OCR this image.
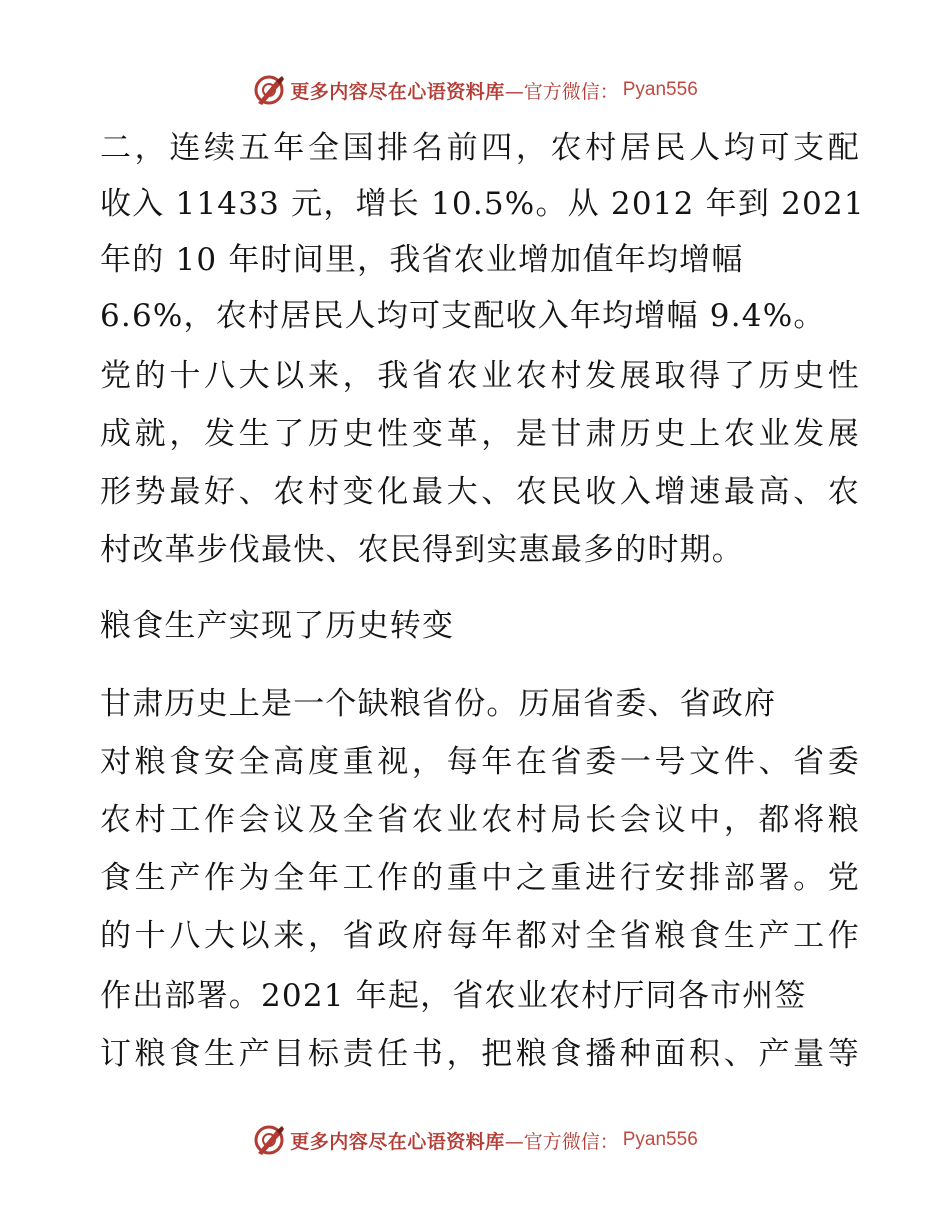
更多内容尽在心语资料库 —官方微信： Pyan556
二，连续五年全国排名前四，农村居民人均可支配
收入 11433 元，增长 10.5%。从 2012 年到 2021
年的 10 年时间里，我省农业增加值年均增幅
6.6%，农村居民人均可支配收入年均增幅 9.4%。
党的十八大以来，我省农业农村发展取得了历史性
成就，发生了历史性变革，是甘肃历史上农业发展
形势最好、农村变化最大、农民收入增速最高、农
村改革步伐最快、农民得到实惠最多的时期。
粮食生产实现了历史转变
甘肃历史上是一个缺粮省份。历届省委、省政府
对粮食安全高度重视，每年在省委一号文件、省委
农村工作会议及全省农业农村局长会议中，都将粮
食生产作为全年工作的重中之重进行安排部署。党
的十八大以来，省政府每年都对全省粮食生产工作
作出部署。2021 年起，省农业农村厅同各市州签
订粮食生产目标责任书，把粮食播种面积、产量等
更多内容尽在心语资料库 —官方微信： Pyan556
